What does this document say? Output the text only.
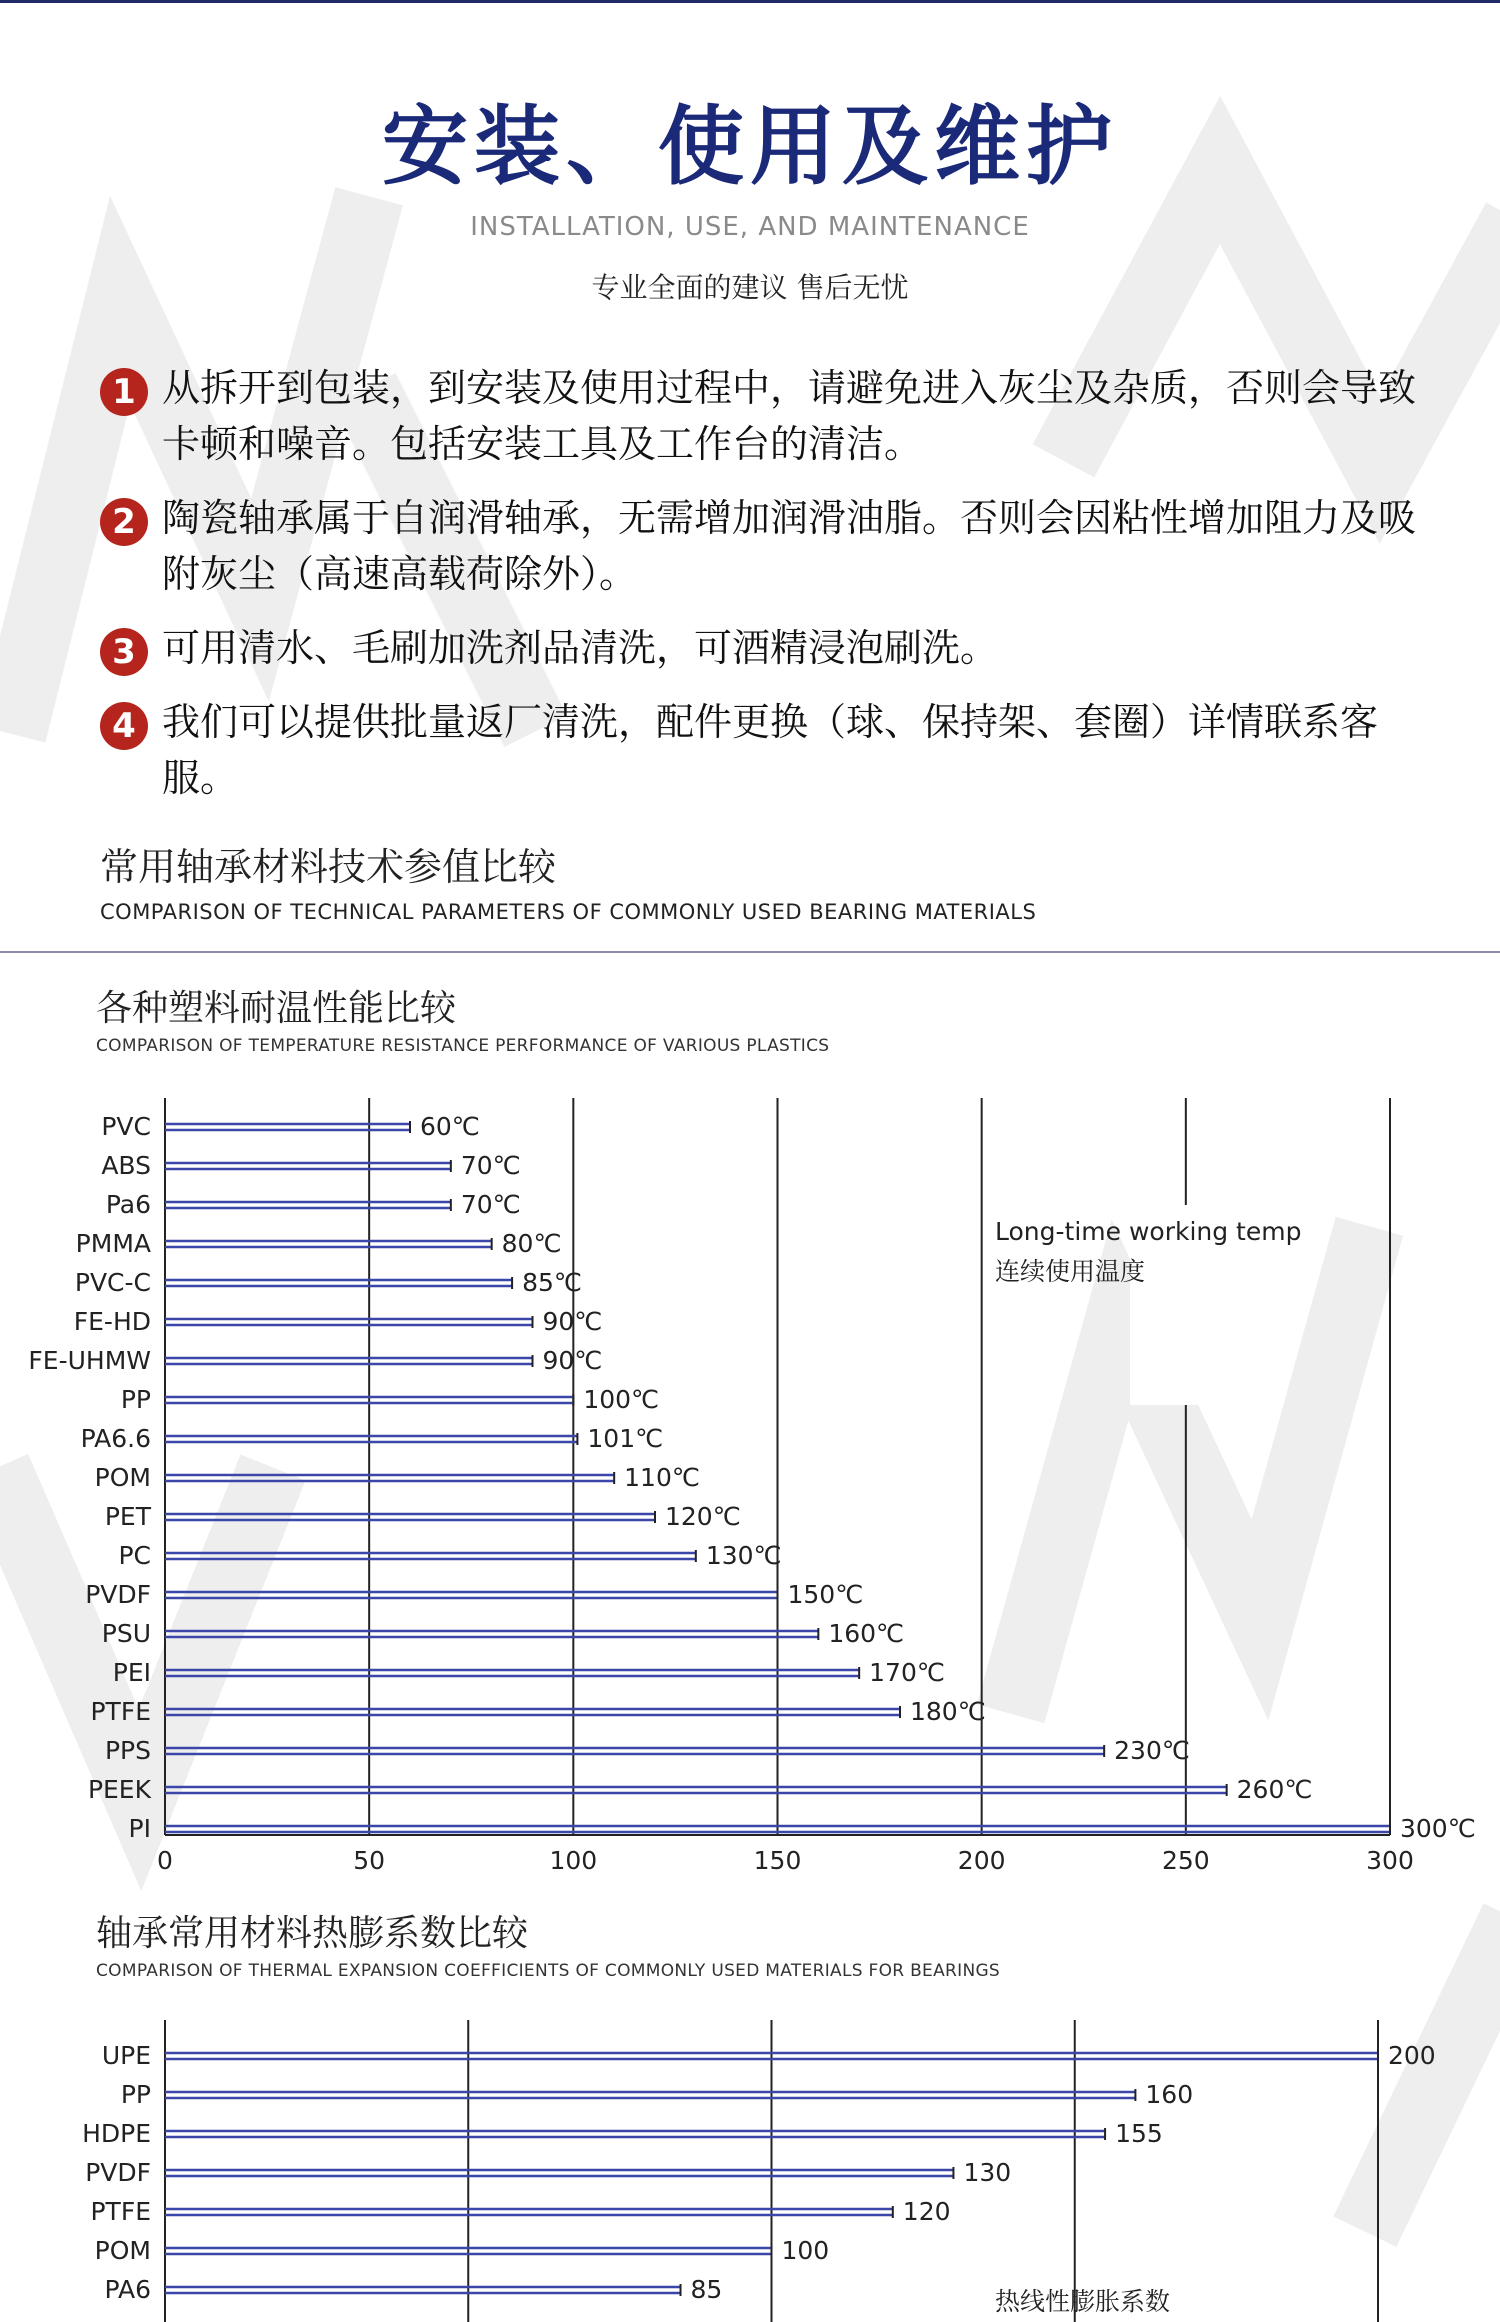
安装、使用及维护
INSTALLATION, USE, AND MAINTENANCE
专业全面的建议 售后无忧
1 从拆开到包装，到安装及使用过程中，请避免进入灰尘及杂质，否则会导致卡顿和噪音。包括安装工具及工作台的清洁。
2 陶瓷轴承属于自润滑轴承，无需增加润滑油脂。否则会因粘性增加阻力及吸附灰尘（高速高载荷除外）。
3 可用清水、毛刷加洗剂品清洗，可酒精浸泡刷洗。
4 我们可以提供批量返厂清洗，配件更换（球、保持架、套圈）详情联系客服。
常用轴承材料技术参值比较
COMPARISON OF TECHNICAL PARAMETERS OF COMMONLY USED BEARING MATERIALS
各种塑料耐温性能比较
COMPARISON OF TEMPERATURE RESISTANCE PERFORMANCE OF VARIOUS PLASTICS
PVC	60℃
ABS	70℃
Pa6	70℃
PMMA	80℃
PVC-C	85℃
FE-HD	90℃
FE-UHMW	90℃
PP	100℃
PA6.6	101℃
POM	110℃
PET	120℃
PC	130℃
PVDF	150℃
PSU	160℃
PEI	170℃
PTFE	180℃
PPS	230℃
PEEK	260℃
PI	300℃
0	50	100	150	200	250	300
Long-time working temp
连续使用温度
轴承常用材料热膨系数比较
COMPARISON OF THERMAL EXPANSION COEFFICIENTS OF COMMONLY USED MATERIALS FOR BEARINGS
UPE	200
PP	160
HDPE	155
PVDF	130
PTFE	120
POM	100
PA6	85	热线性膨胀系数
